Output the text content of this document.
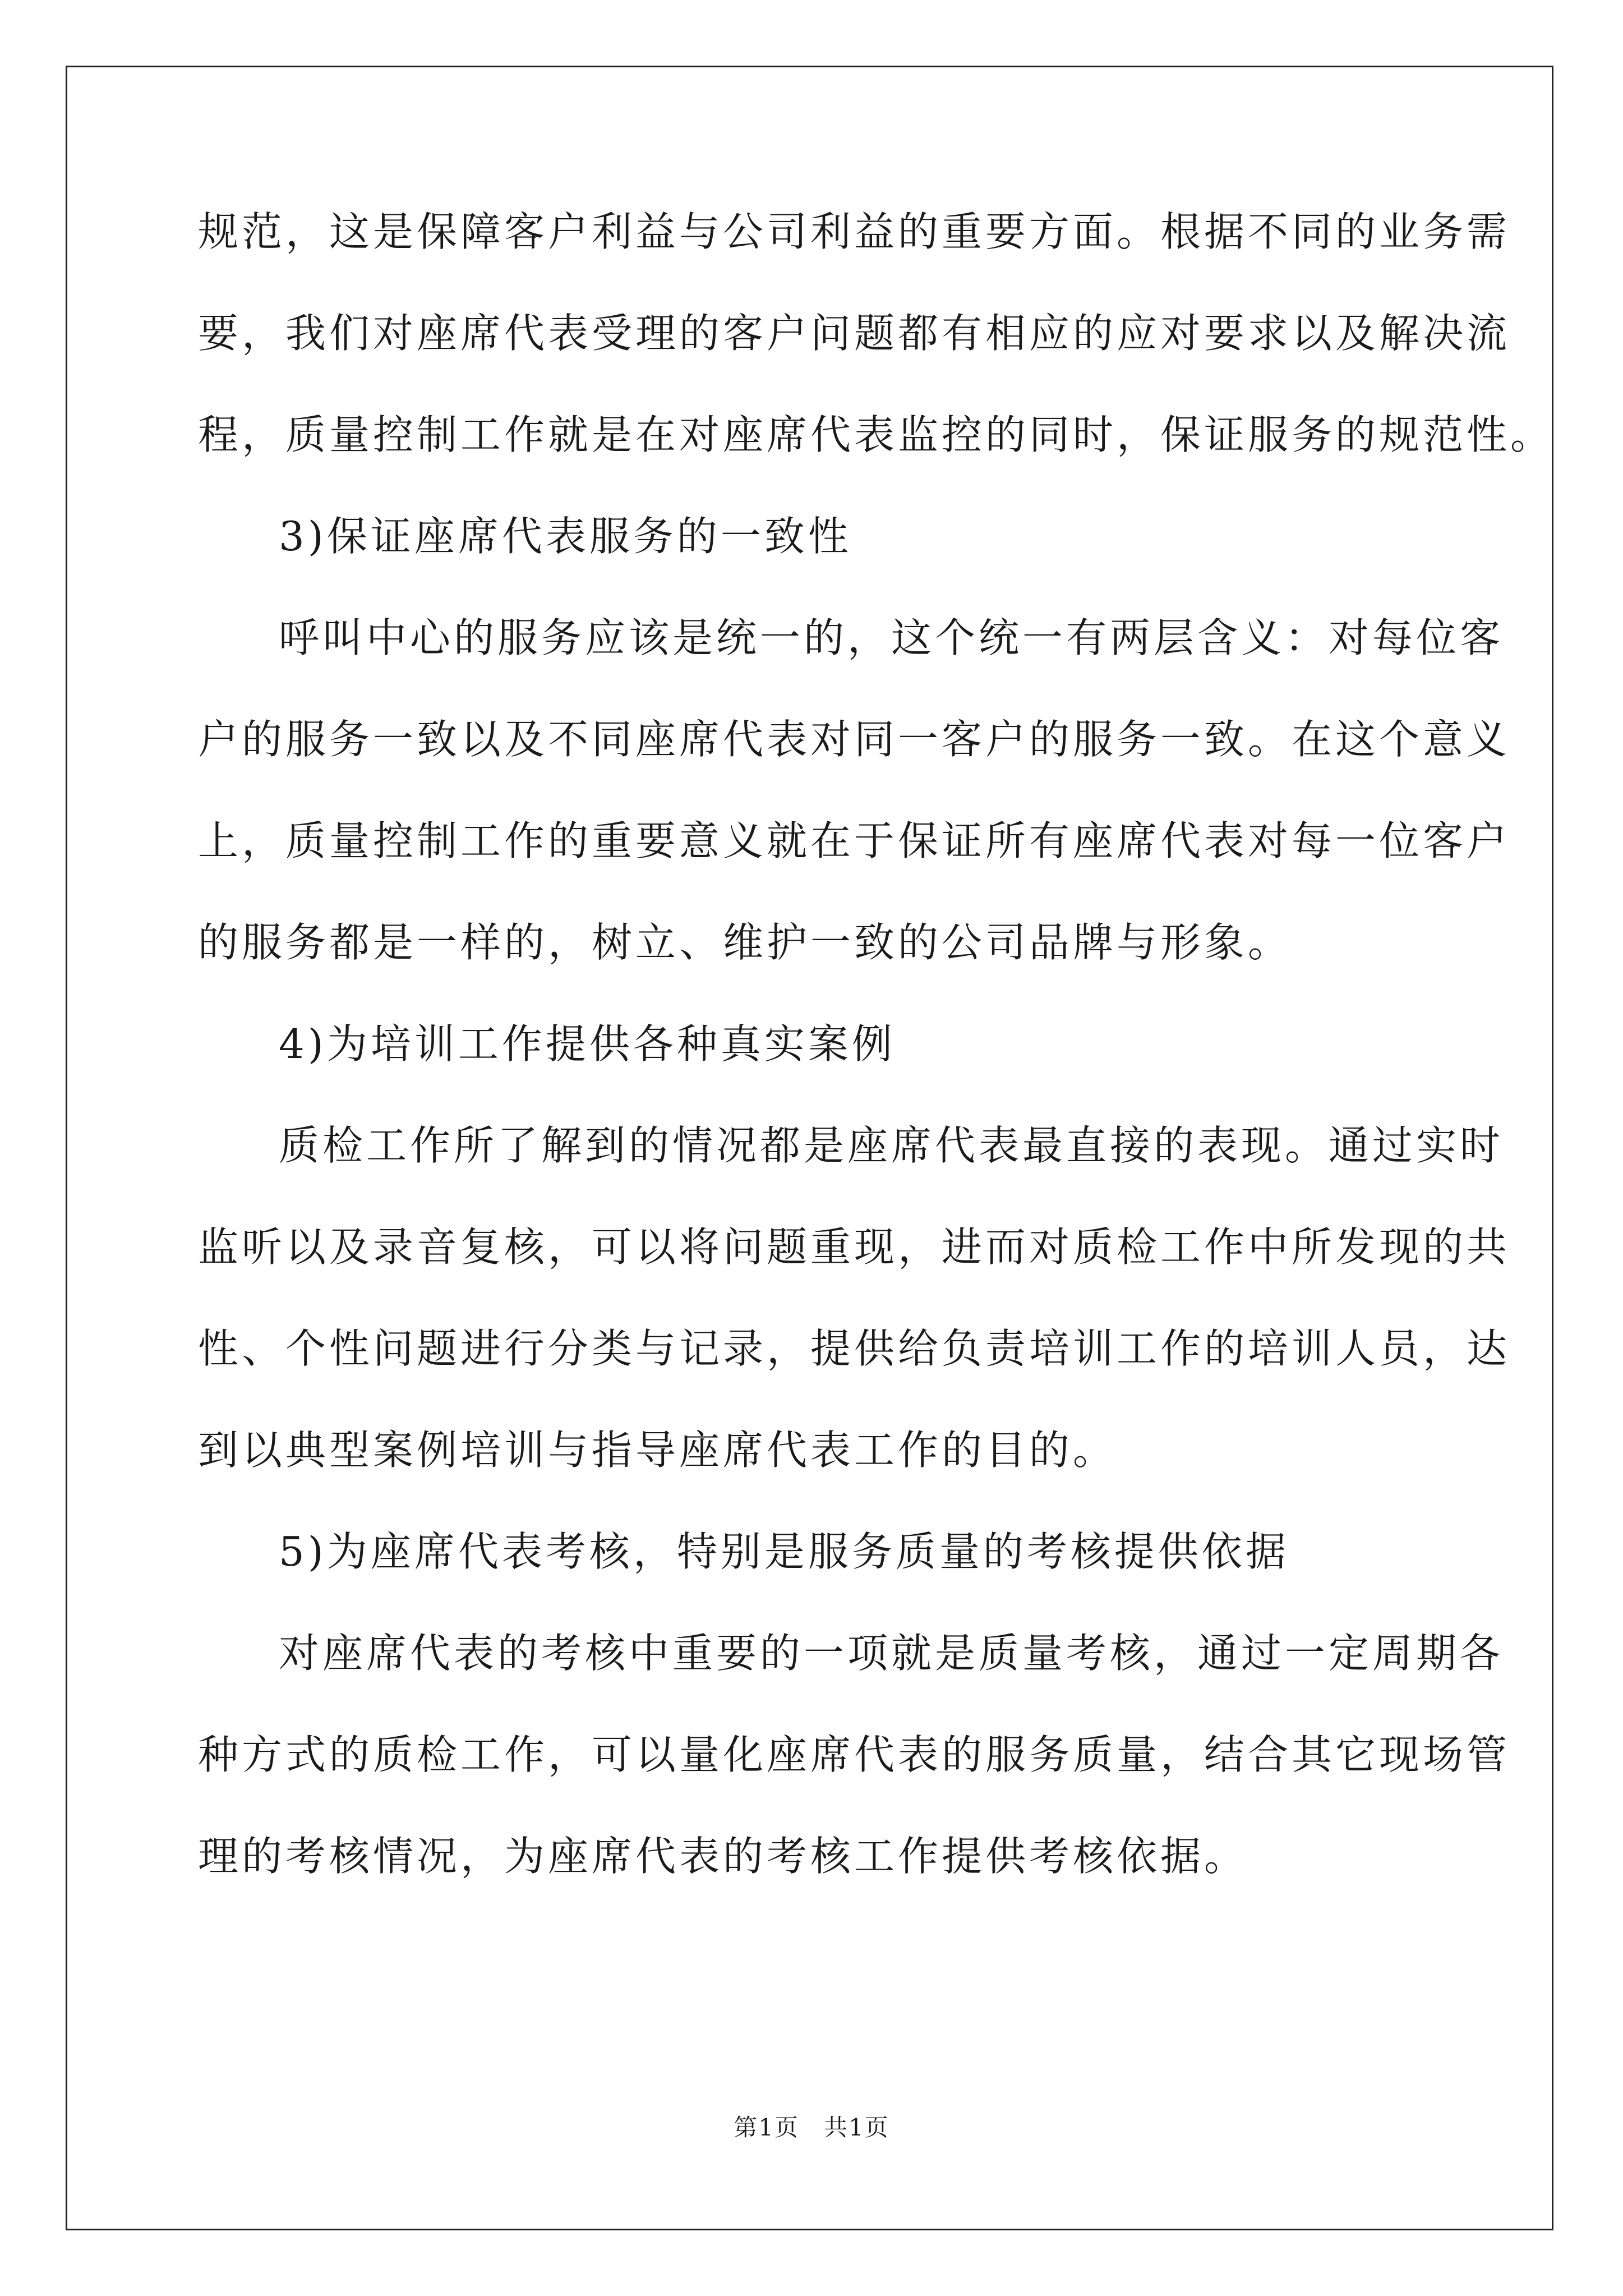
规范，这是保障客户利益与公司利益的重要方面。根据不同的业务需
要，我们对座席代表受理的客户问题都有相应的应对要求以及解决流
程，质量控制工作就是在对座席代表监控的同时，保证服务的规范性。
3)保证座席代表服务的一致性
呼叫中心的服务应该是统一的，这个统一有两层含义：对每位客
户的服务一致以及不同座席代表对同一客户的服务一致。在这个意义
上，质量控制工作的重要意义就在于保证所有座席代表对每一位客户
的服务都是一样的，树立、维护一致的公司品牌与形象。
4)为培训工作提供各种真实案例
质检工作所了解到的情况都是座席代表最直接的表现。通过实时
监听以及录音复核，可以将问题重现，进而对质检工作中所发现的共
性、个性问题进行分类与记录，提供给负责培训工作的培训人员，达
到以典型案例培训与指导座席代表工作的目的。
5)为座席代表考核，特别是服务质量的考核提供依据
对座席代表的考核中重要的一项就是质量考核，通过一定周期各
种方式的质检工作，可以量化座席代表的服务质量，结合其它现场管
理的考核情况，为座席代表的考核工作提供考核依据。
第1页　共1页
